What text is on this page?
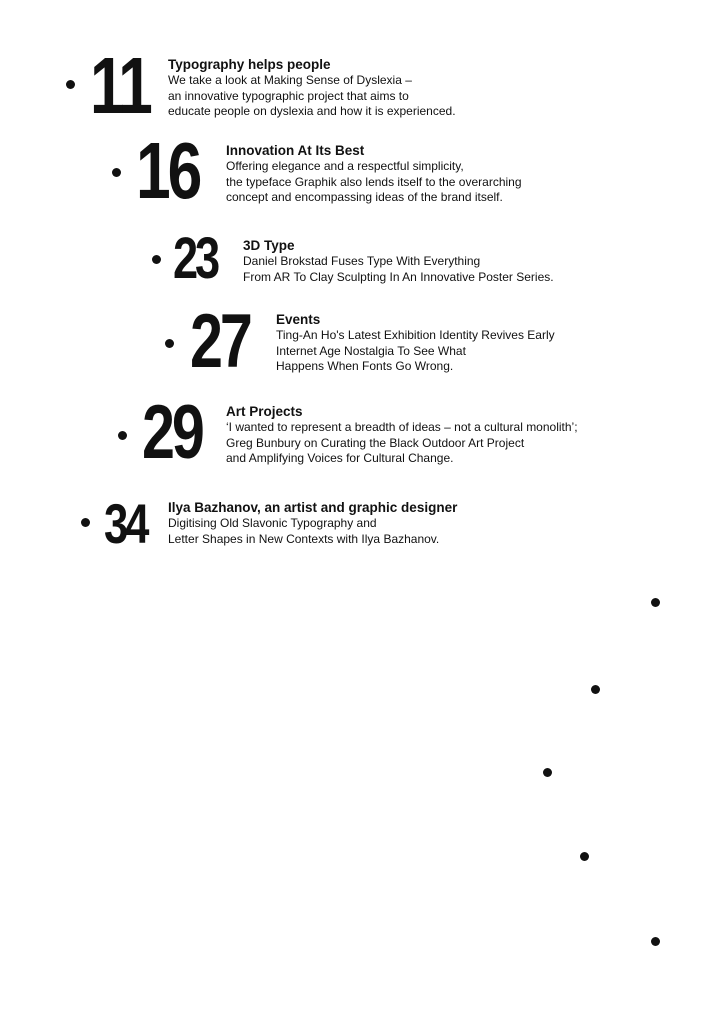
11 Typography helps people
We take a look at Making Sense of Dyslexia –
an innovative typographic project that aims to
educate people on dyslexia and how it is experienced.
16 Innovation At Its Best
Offering elegance and a respectful simplicity,
the typeface Graphik also lends itself to the overarching
concept and encompassing ideas of the brand itself.
23 3D Type
Daniel Brokstad Fuses Type With Everything
From AR To Clay Sculpting In An Innovative Poster Series.
27 Events
Ting-An Ho's Latest Exhibition Identity Revives Early
Internet Age Nostalgia To See What
Happens When Fonts Go Wrong.
29 Art Projects
‘I wanted to represent a breadth of ideas – not a cultural monolith’;
Greg Bunbury on Curating the Black Outdoor Art Project
and Amplifying Voices for Cultural Change.
34 Ilya Bazhanov, an artist and graphic designer
Digitising Old Slavonic Typography and
Letter Shapes in New Contexts with Ilya Bazhanov.
